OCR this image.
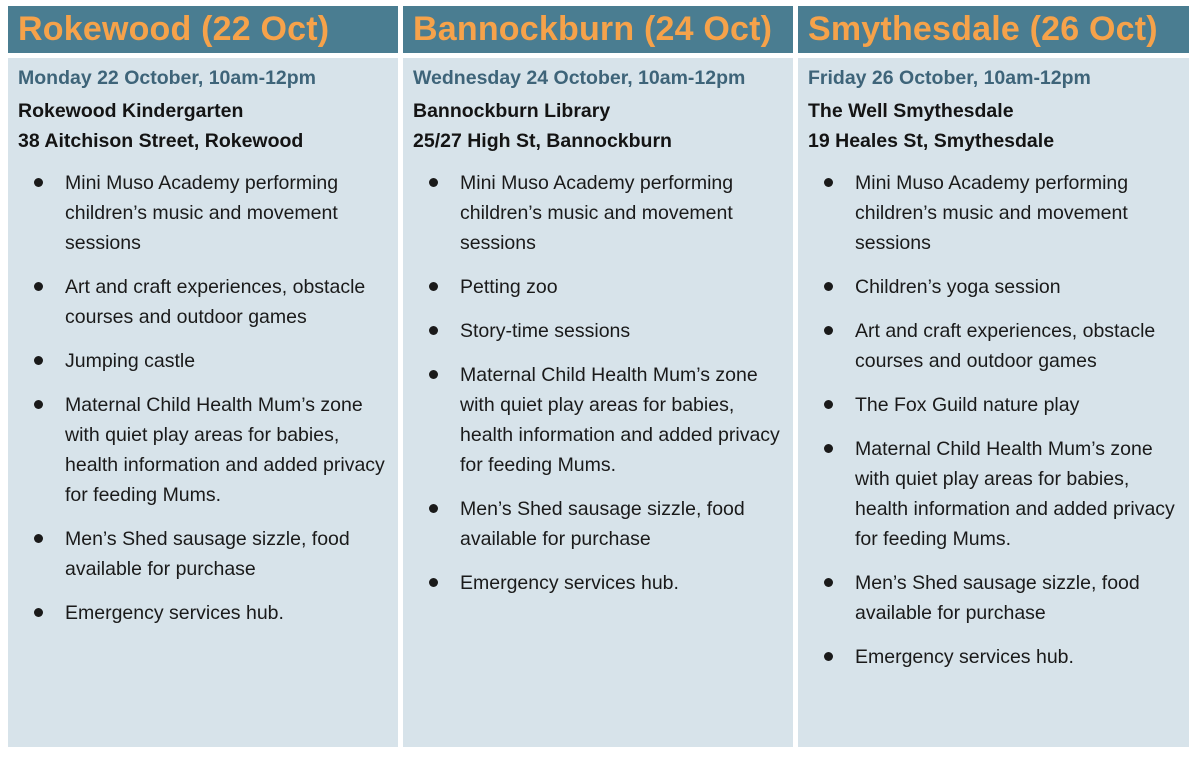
Rokewood (22 Oct)
Monday 22 October, 10am-12pm
Rokewood Kindergarten
38 Aitchison Street, Rokewood
Mini Muso Academy performing children’s music and movement sessions
Art and craft experiences, obstacle courses and outdoor games
Jumping castle
Maternal Child Health Mum’s zone with quiet play areas for babies, health information and added privacy for feeding Mums.
Men’s Shed sausage sizzle, food available for purchase
Emergency services hub.
Bannockburn (24 Oct)
Wednesday 24 October, 10am-12pm
Bannockburn Library
25/27 High St, Bannockburn
Mini Muso Academy performing children’s music and movement sessions
Petting zoo
Story-time sessions
Maternal Child Health Mum’s zone with quiet play areas for babies, health information and added privacy for feeding Mums.
Men’s Shed sausage sizzle, food available for purchase
Emergency services hub.
Smythesdale (26 Oct)
Friday 26 October, 10am-12pm
The Well Smythesdale
19 Heales St, Smythesdale
Mini Muso Academy performing children’s music and movement sessions
Children’s yoga session
Art and craft experiences, obstacle courses and outdoor games
The Fox Guild nature play
Maternal Child Health Mum’s zone with quiet play areas for babies, health information and added privacy for feeding Mums.
Men’s Shed sausage sizzle, food available for purchase
Emergency services hub.
